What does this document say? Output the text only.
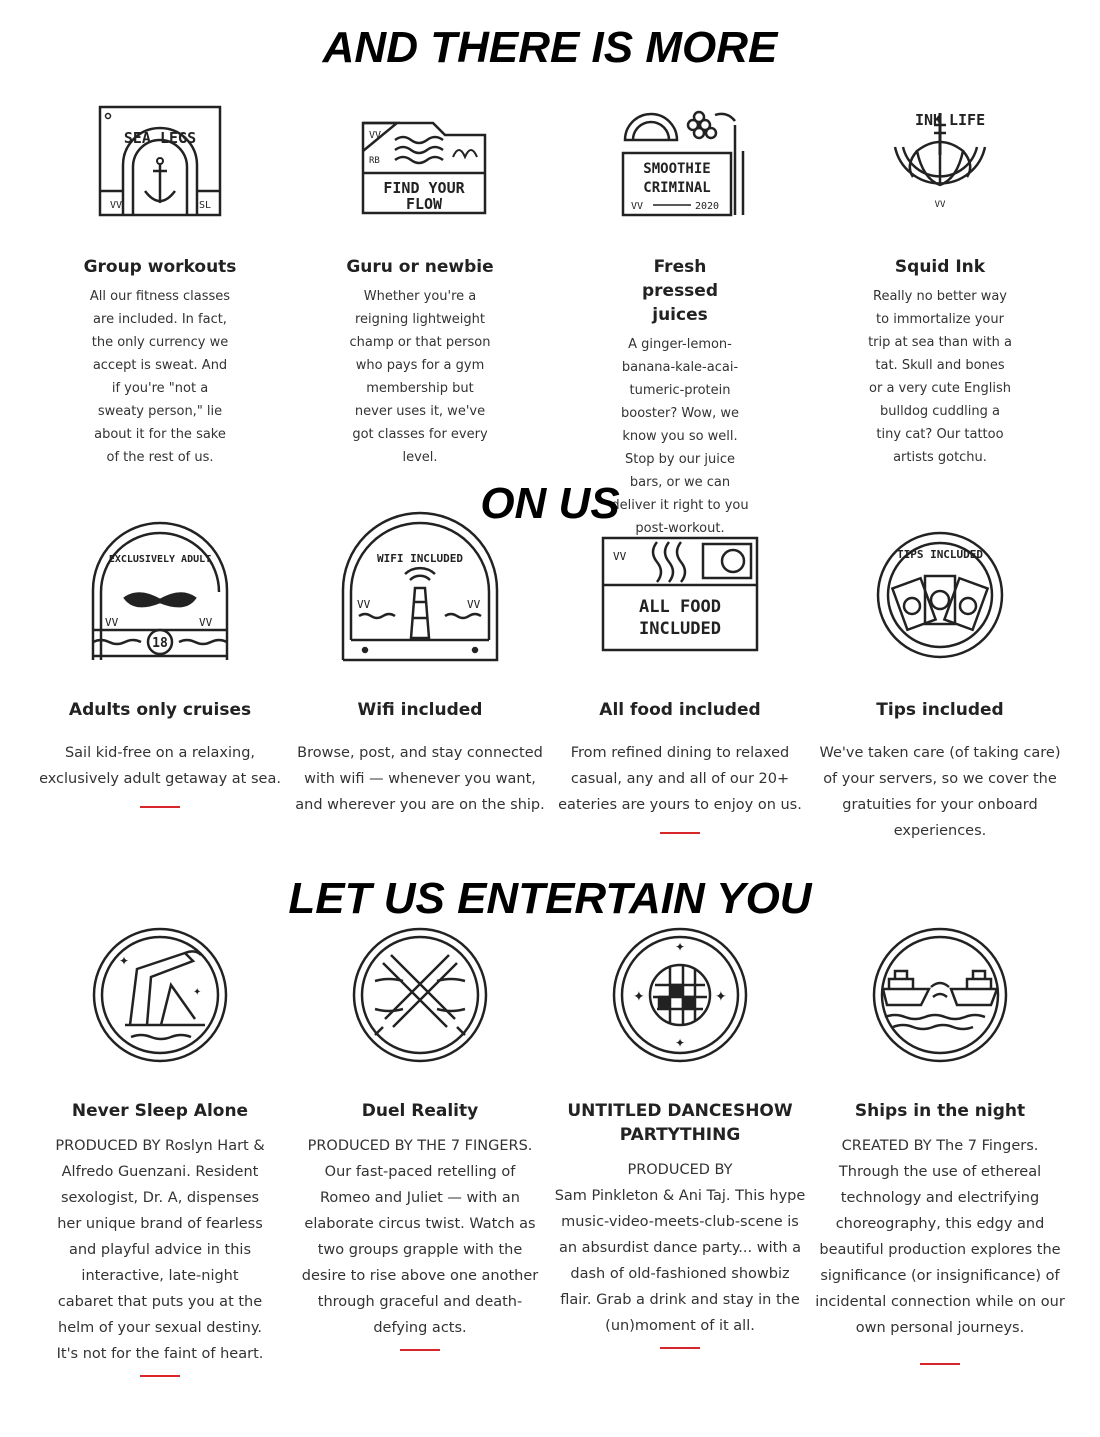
AND THERE IS MORE
VV	SL
SEA LEGS
Group workouts

All our fitness classes are included. In fact, the only currency we accept is sweat. And if you're "not a sweaty person," lie about it for the sake of the rest of us.

VV
RB
FIND YOUR
FLOW
Guru or newbie

Whether you're a reigning lightweight champ or that person who pays for a gym membership but never uses it, we've got classes for every level.

SMOOTHIE
CRIMINAL
VV	2020
Fresh pressed juices

A ginger-lemon-banana-kale-acai-tumeric-protein booster? Wow, we know you so well. Stop by our juice bars, or we can deliver it right to you post-workout.

INK LIFE
VV
Squid Ink

Really no better way to immortalize your trip at sea than with a tat. Skull and bones or a very cute English bulldog cuddling a tiny cat? Our tattoo artists gotchu.

ON US
18
VV	VV
EXCLUSIVELY ADULT
Adults only cruises

Sail kid-free on a relaxing, exclusively adult getaway at sea.

VV	VV
WIFI INCLUDED
Wifi included

Browse, post, and stay connected with wifi — whenever you want, and wherever you are on the ship.

VV
ALL FOOD
INCLUDED
All food included

From refined dining to relaxed casual, any and all of our 20+ eateries are yours to enjoy on us.

TIPS INCLUDED
Tips included

We've taken care (of taking care) of your servers, so we cover the gratuities for your onboard experiences.

LET US ENTERTAIN YOU
✦
✦
Never Sleep Alone

PRODUCED BY Roslyn Hart & Alfredo Guenzani. Resident sexologist, Dr. A, dispenses her unique brand of fearless and playful advice in this interactive, late-night cabaret that puts you at the helm of your sexual destiny. It's not for the faint of heart.

Duel Reality

PRODUCED BY THE 7 FINGERS. Our fast-paced retelling of Romeo and Juliet — with an elaborate circus twist. Watch as two groups grapple with the desire to rise above one another through graceful and death-defying acts.

✦	✦
✦
✦
UNTITLED DANCESHOW PARTYTHING

PRODUCED BY

Sam Pinkleton & Ani Taj. This hype music-video-meets-club-scene is an absurdist dance party... with a dash of old-fashioned showbiz flair. Grab a drink and stay in the (un)moment of it all.

Ships in the night

CREATED BY The 7 Fingers. Through the use of ethereal technology and electrifying choreography, this edgy and beautiful production explores the significance (or insignificance) of incidental connection while on our own personal journeys.
